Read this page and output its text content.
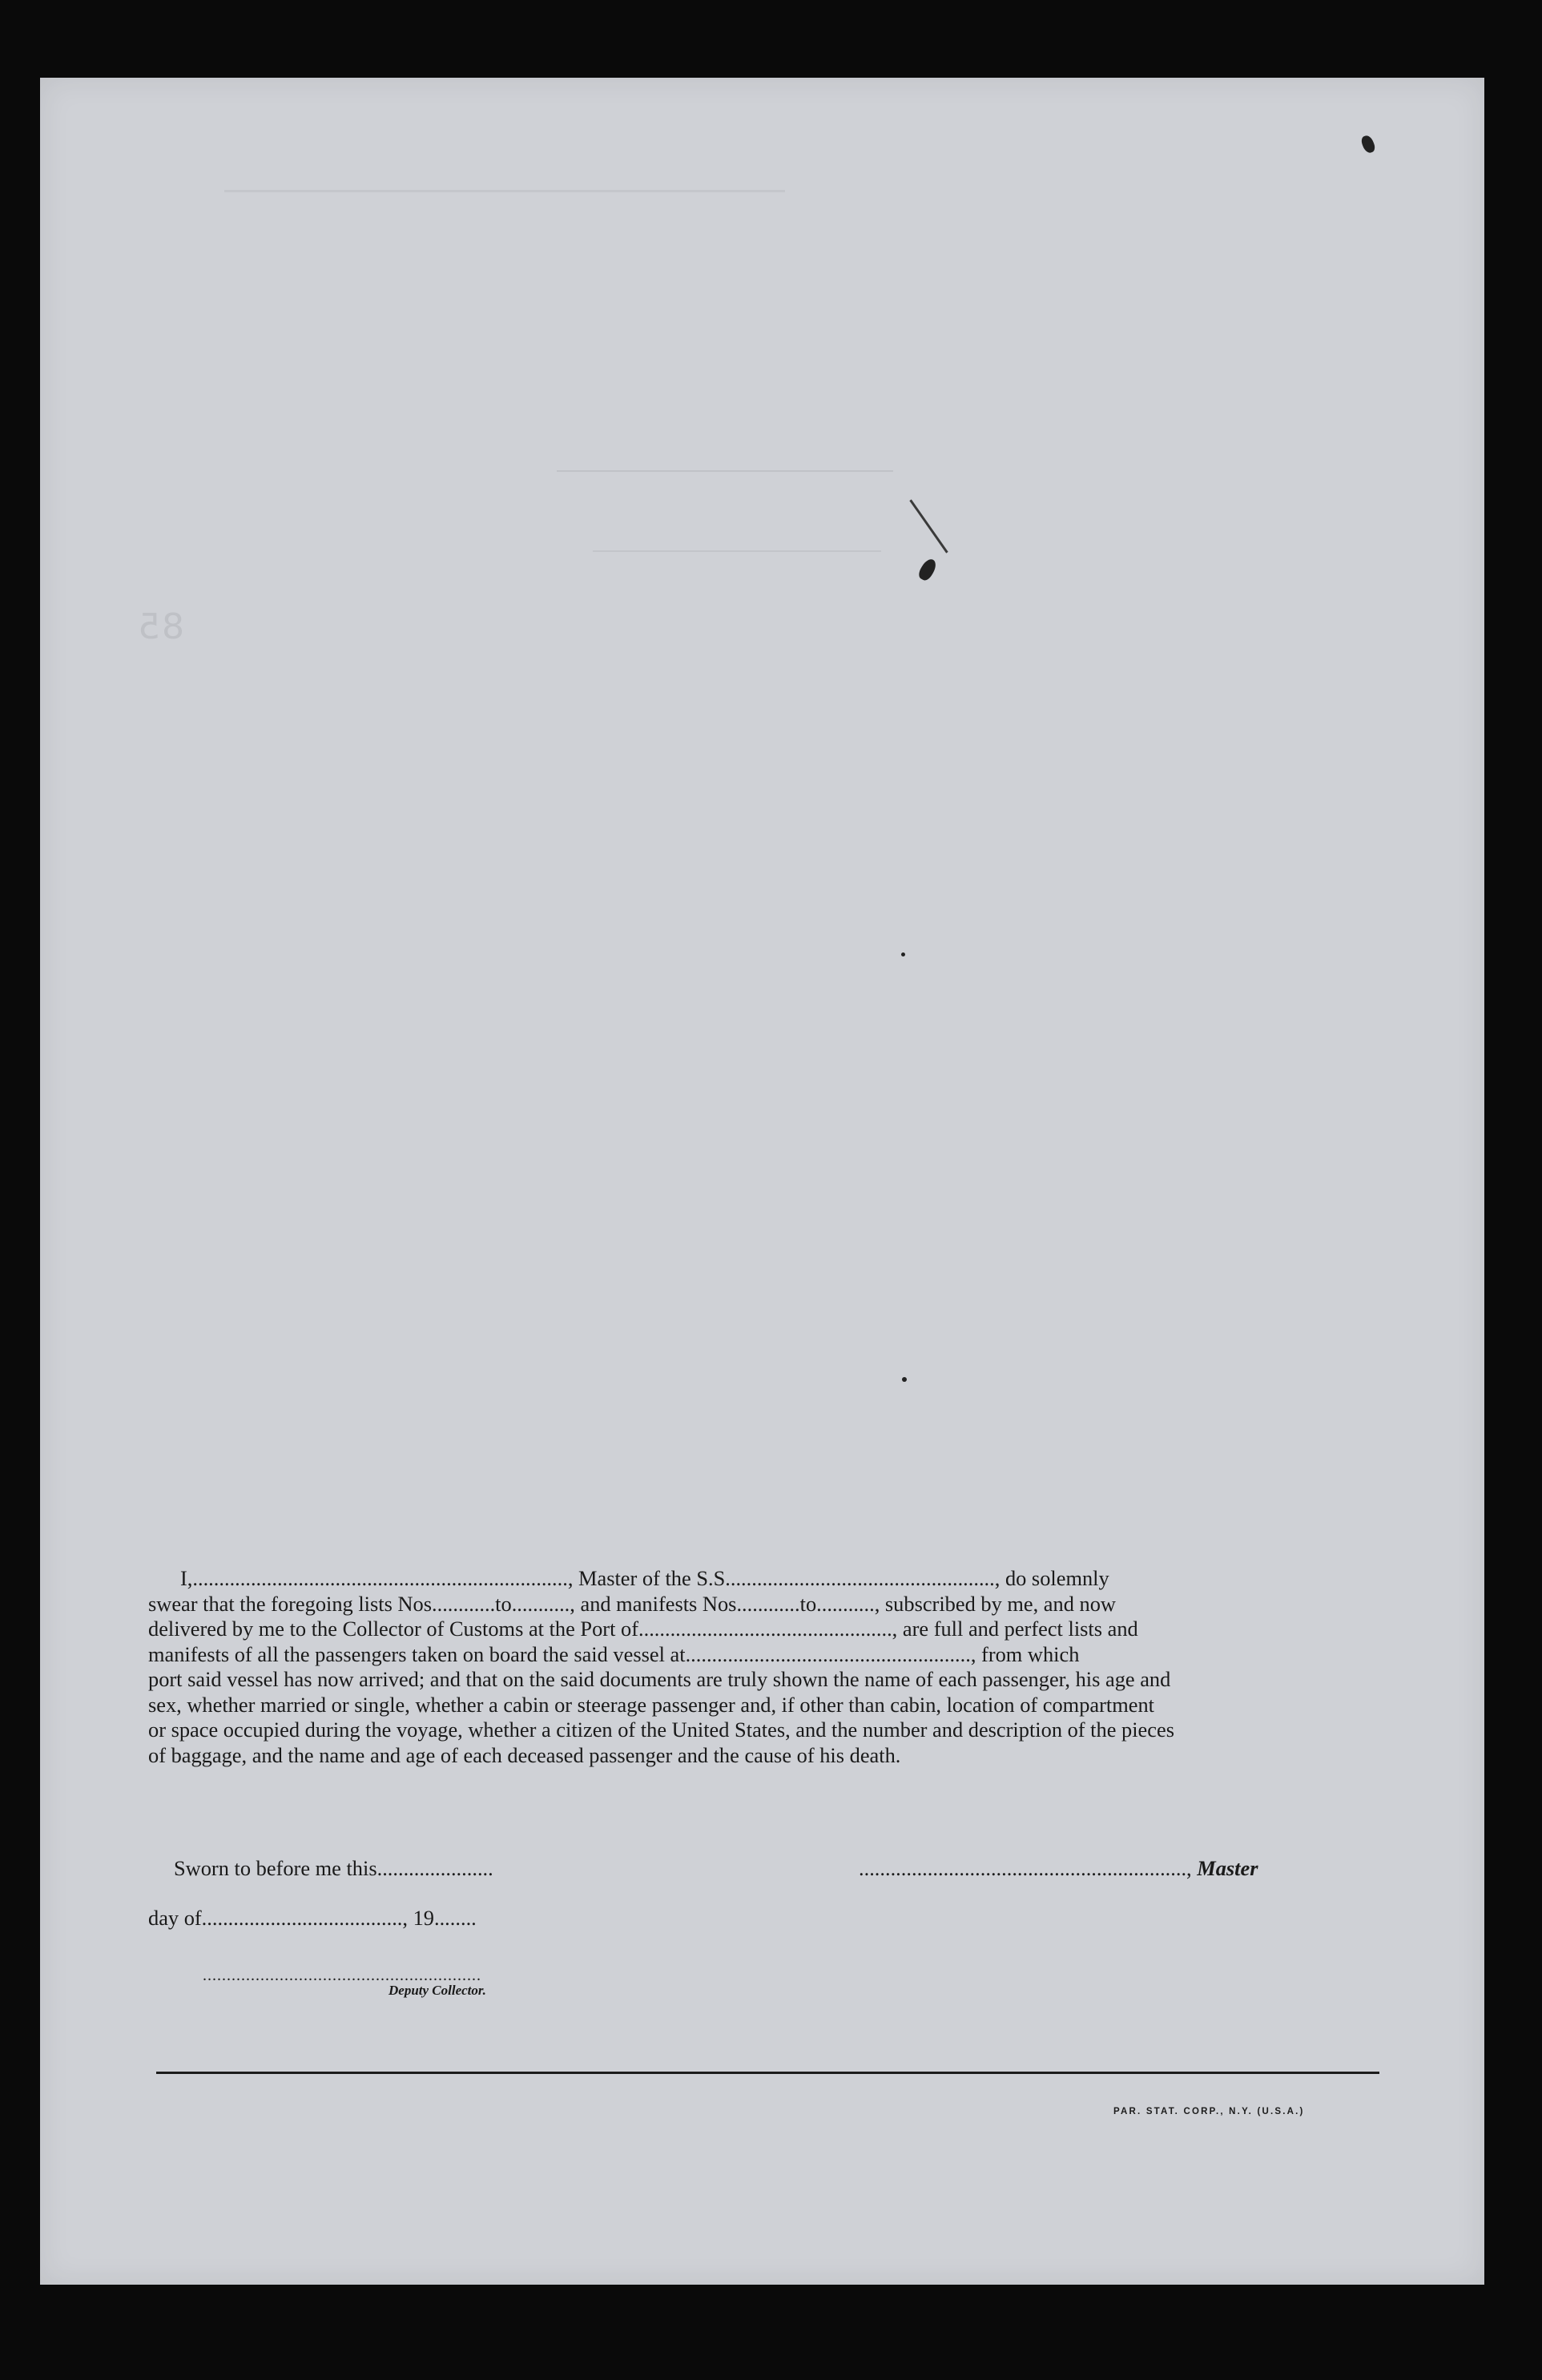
85

I,......................................................................., Master of the S.S..................................................., do solemnly

swear that the foregoing lists Nos............to..........., and manifests Nos............to..........., subscribed by me, and now

delivered by me to the Collector of Customs at the Port of................................................, are full and perfect lists and

manifests of all the passengers taken on board the said vessel at......................................................, from which

port said vessel has now arrived; and that on the said documents are truly shown the name of each passenger, his age and

sex, whether married or single, whether a cabin or steerage passenger and, if other than cabin, location of compartment

or space occupied during the voyage, whether a citizen of the United States, and the number and description of the pieces

of baggage, and the name and age of each deceased passenger and the cause of his death.

Sworn to before me this......................	.............................................................., Master
day of......................................, 19........
..........................................................
Deputy Collector.
PAR. STAT. CORP., N.Y. (U.S.A.)
